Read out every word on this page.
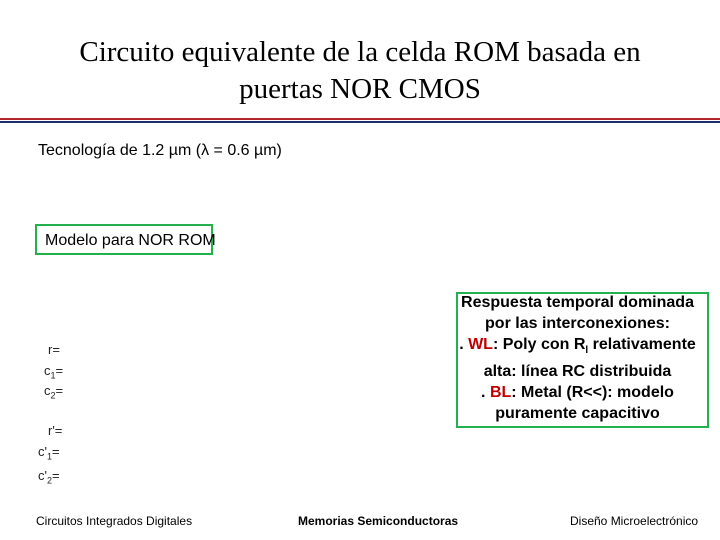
Circuito equivalente de la celda ROM basada en
puertas NOR CMOS
Tecnología de 1.2 µm (λ = 0.6 µm)
Modelo para NOR ROM
Respuesta temporal dominada
por las interconexiones:
. WL: Poly con $R_l$ relativamente
alta: línea RC distribuida
. BL: Metal (R<<): modelo
puramente capacitivo
r=
$c_1=$
$c_2=$
r'=
$c'_1=$
$c'_2=$
Circuitos Integrados Digitales	Memorias Semiconductoras	Diseño Microelectrónico
